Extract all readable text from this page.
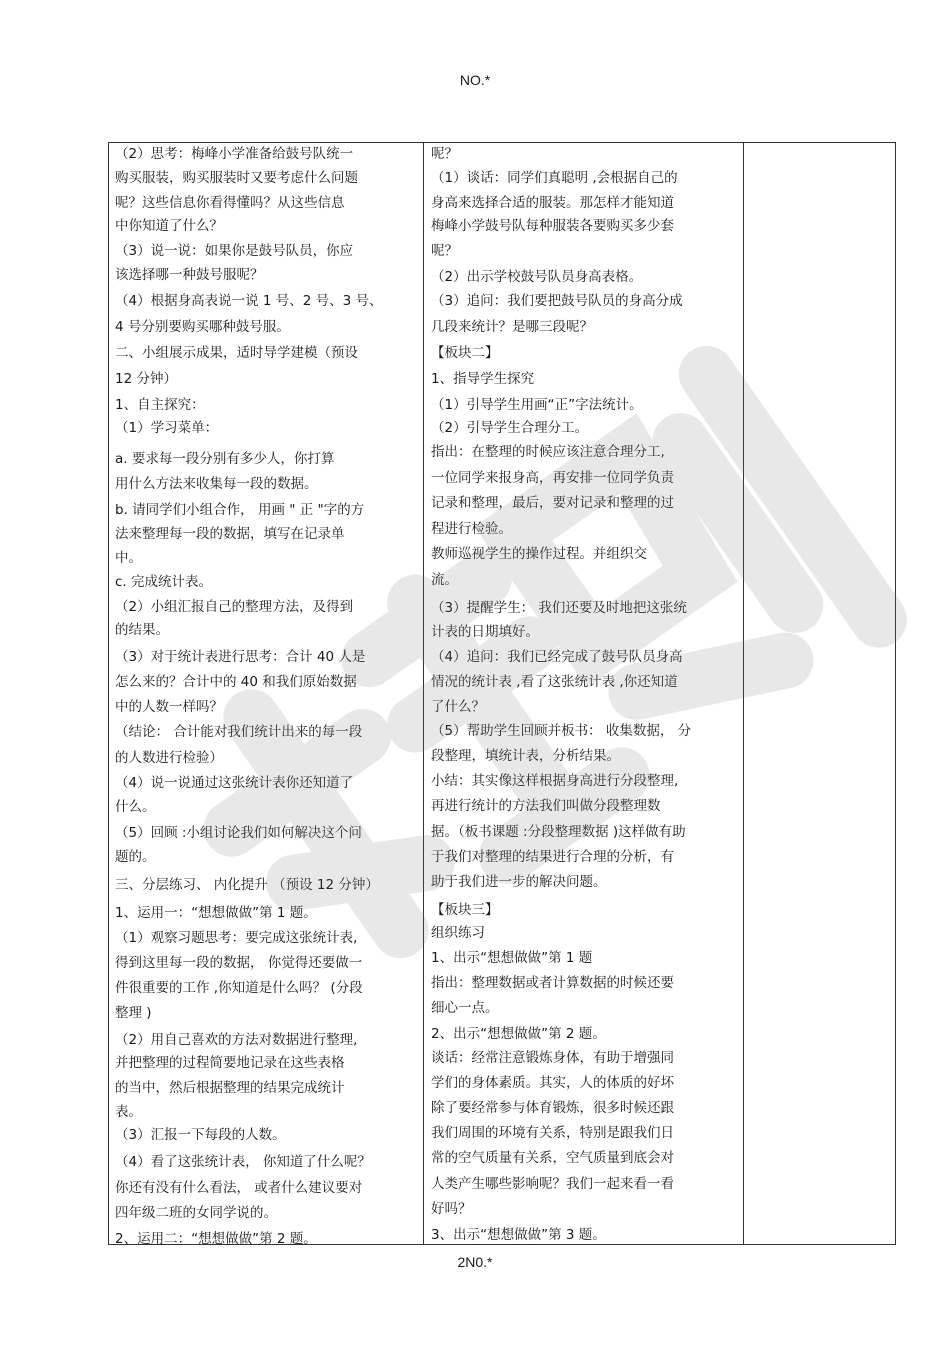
NO.*
（2）思考：梅峰小学准备给鼓号队统一
购买服装，购买服装时又要考虑什么问题
呢？这些信息你看得懂吗？从这些信息
中你知道了什么？
（3）说一说：如果你是鼓号队员，你应
该选择哪一种鼓号服呢？
（4）根据身高表说一说 1 号、2 号、3 号、
4 号分别要购买哪种鼓号服。
二、小组展示成果，适时导学建模（预设
12 分钟）
1、自主探究：
（1）学习菜单：
a. 要求每一段分别有多少人，你打算
用什么方法来收集每一段的数据。
b. 请同学们小组合作， 用画 " 正 "字的方
法来整理每一段的数据，填写在记录单
中。
c. 完成统计表。
（2）小组汇报自己的整理方法，及得到
的结果。
（3）对于统计表进行思考：合计 40 人是
怎么来的？合计中的 40 和我们原始数据
中的人数一样吗？
（结论： 合计能对我们统计出来的每一段
的人数进行检验）
（4）说一说通过这张统计表你还知道了
什么。
（5）回顾 :小组讨论我们如何解决这个问
题的。
三、分层练习、 内化提升 （预设 12 分钟）
1、运用一：“想想做做”第 1 题。
（1）观察习题思考：要完成这张统计表,
得到这里每一段的数据， 你觉得还要做一
件很重要的工作 ,你知道是什么吗？ (分段
整理 )
（2）用自己喜欢的方法对数据进行整理,
并把整理的过程简要地记录在这些表格
的当中，然后根据整理的结果完成统计
表。
（3）汇报一下每段的人数。
（4）看了这张统计表， 你知道了什么呢？
你还有没有什么看法， 或者什么建议要对
四年级二班的女同学说的。
2、运用二：“想想做做”第 2 题。
呢？
（1）谈话：同学们真聪明 ,会根据自己的
身高来选择合适的服装。那怎样才能知道
梅峰小学鼓号队每种服装各要购买多少套
呢？
（2）出示学校鼓号队员身高表格。
（3）追问：我们要把鼓号队员的身高分成
几段来统计？是哪三段呢？
【板块二】
1、指导学生探究
（1）引导学生用画“正”字法统计。
（2）引导学生合理分工。
指出：在整理的时候应该注意合理分工,
一位同学来报身高，再安排一位同学负责
记录和整理，最后，要对记录和整理的过
程进行检验。
教师巡视学生的操作过程。并组织交
流。
（3）提醒学生： 我们还要及时地把这张统
计表的日期填好。
（4）追问：我们已经完成了鼓号队员身高
情况的统计表 ,看了这张统计表 ,你还知道
了什么？
（5）帮助学生回顾并板书： 收集数据， 分
段整理，填统计表，分析结果。
小结：其实像这样根据身高进行分段整理,
再进行统计的方法我们叫做分段整理数
据。（板书课题 :分段整理数据 )这样做有助
于我们对整理的结果进行合理的分析，有
助于我们进一步的解决问题。
【板块三】
组织练习
1、出示“想想做做”第 1 题
指出：整理数据或者计算数据的时候还要
细心一点。
2、出示“想想做做”第 2 题。
谈话：经常注意锻炼身体，有助于增强同
学们的身体素质。其实，人的体质的好坏
除了要经常参与体育锻炼，很多时候还跟
我们周围的环境有关系，特别是跟我们日
常的空气质量有关系，空气质量到底会对
人类产生哪些影响呢？我们一起来看一看
好吗？
3、出示“想想做做”第 3 题。
2N0.*
